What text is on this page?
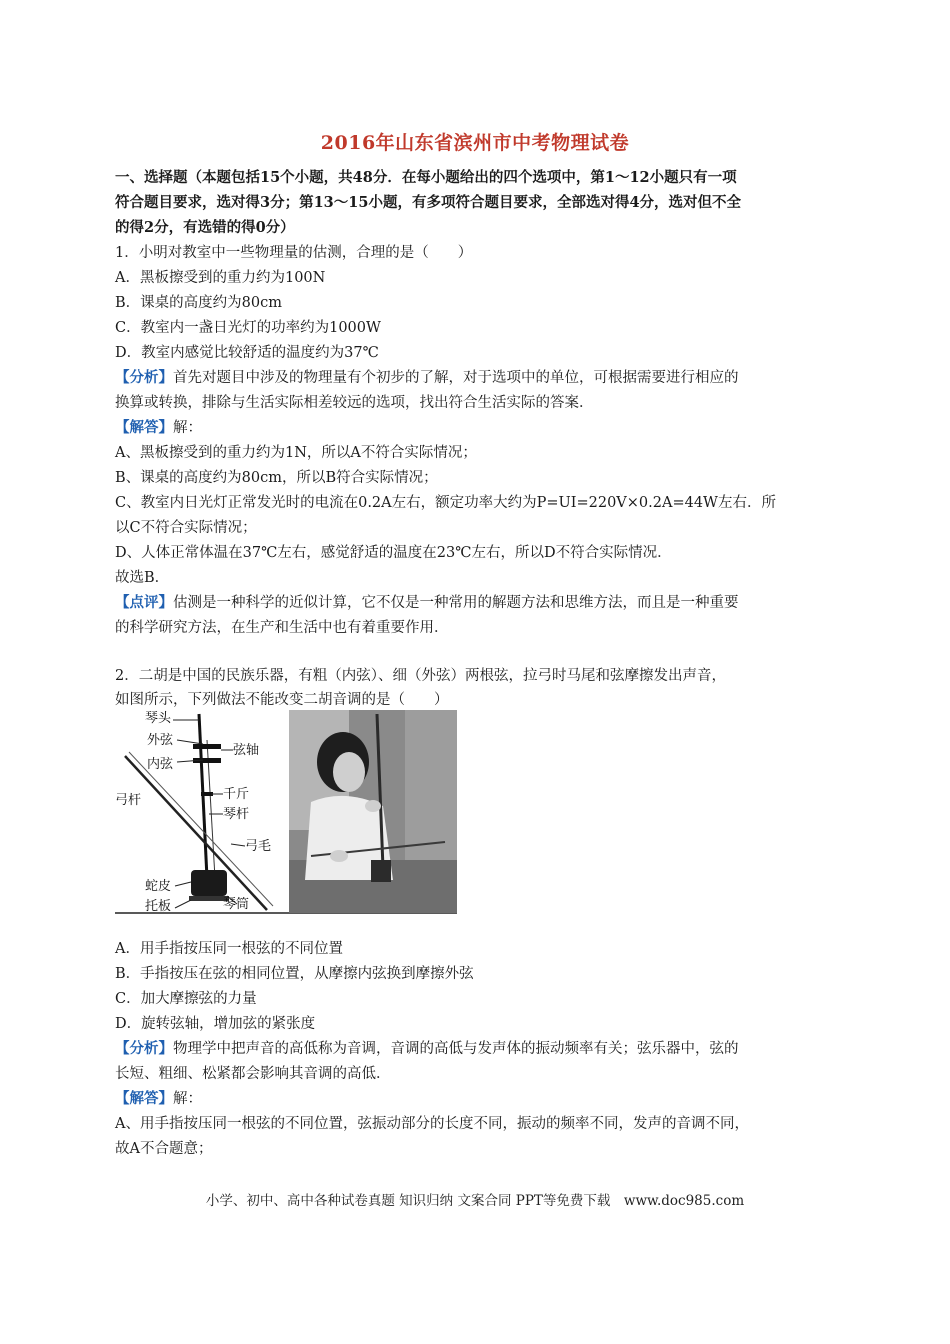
2016年山东省滨州市中考物理试卷
一、选择题（本题包括15个小题，共48分．在每小题给出的四个选项中，第1～12小题只有一项
符合题目要求，选对得3分；第13～15小题，有多项符合题目要求，全部选对得4分，选对但不全
的得2分，有选错的得0分）
1．小明对教室中一些物理量的估测，合理的是（　　）
A．黑板擦受到的重力约为100N
B．课桌的高度约为80cm
C．教室内一盏日光灯的功率约为1000W
D．教室内感觉比较舒适的温度约为37℃
【分析】首先对题目中涉及的物理量有个初步的了解，对于选项中的单位，可根据需要进行相应的
换算或转换，排除与生活实际相差较远的选项，找出符合生活实际的答案．
【解答】解：
A、黑板擦受到的重力约为1N，所以A不符合实际情况；
B、课桌的高度约为80cm，所以B符合实际情况；
C、教室内日光灯正常发光时的电流在0.2A左右，额定功率大约为P=UI=220V×0.2A=44W左右．所
以C不符合实际情况；
D、人体正常体温在37℃左右，感觉舒适的温度在23℃左右，所以D不符合实际情况．
故选B．
【点评】估测是一种科学的近似计算，它不仅是一种常用的解题方法和思维方法，而且是一种重要
的科学研究方法，在生产和生活中也有着重要作用．
2．二胡是中国的民族乐器，有粗（内弦）、细（外弦）两根弦，拉弓时马尾和弦摩擦发出声音，
如图所示，下列做法不能改变二胡音调的是（　　）
琴头
外弦
内弦
弦轴
弓杆	千斤
琴杆
弓毛
蛇皮
托板	琴筒
A．用手指按压同一根弦的不同位置
B．手指按压在弦的相同位置，从摩擦内弦换到摩擦外弦
C．加大摩擦弦的力量
D．旋转弦轴，增加弦的紧张度
【分析】物理学中把声音的高低称为音调，音调的高低与发声体的振动频率有关；弦乐器中，弦的
长短、粗细、松紧都会影响其音调的高低．
【解答】解：
A、用手指按压同一根弦的不同位置，弦振动部分的长度不同，振动的频率不同，发声的音调不同，
故A不合题意；
小学、初中、高中各种试卷真题 知识归纳 文案合同 PPT等免费下载　www.doc985.com
